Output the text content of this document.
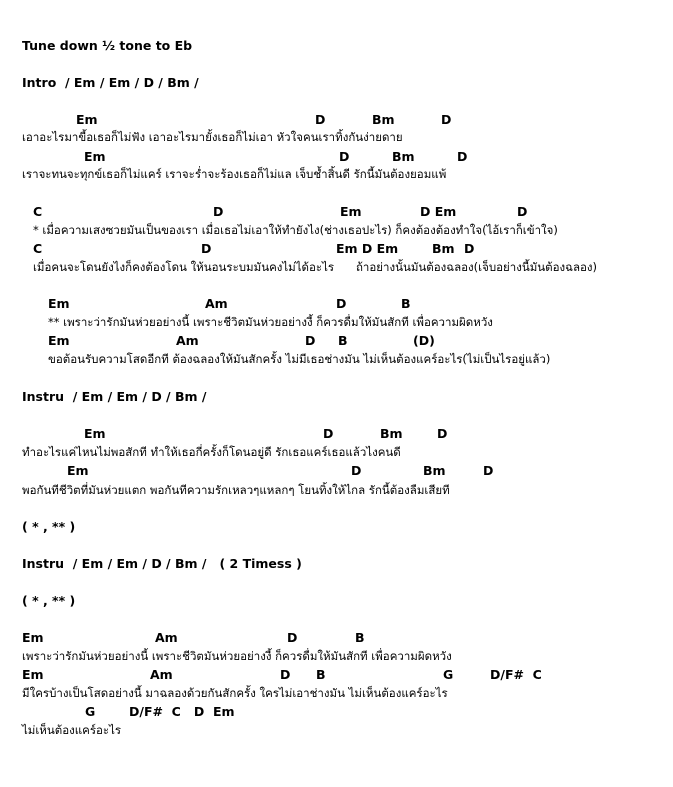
Tune down ½ tone to Eb
Intro  / Em / Em / D / Bm /
Em	D	Bm	D
เอาอะไรมาขี้อเธอก็ไม่ฟัง เอาอะไรมายั้งเธอก็ไม่เอา หัวใจคนเราทิ้งกันง่ายดาย
Em	D	Bm	D
เราจะทนจะทุกข์เธอก็ไม่แคร์ เราจะร่ำจะร้องเธอก็ไม่แล เจ็บช้ำสิ้นดี รักนี้มันต้องยอมแพ้
C	D	Em	D Em	D
* เมื่อความเสงซวยมันเป็นของเรา เมื่อเธอไม่เอาให้ทำยังไง(ช่างเธอปะไร) ก็คงต้องต้องทำใจ(ไอ้เราก็เข้าใจ)
C	D	Em D Em	Bm D
เมื่อคนจะโดนยังไงก็คงต้องโดน ให้นอนระบมมันคงไม่ได้อะไร      ถ้าอย่างนั้นมันต้องฉลอง(เจ็บอย่างนี้มันต้องฉลอง)
Em	Am	D	B
** เพราะว่ารักมันห่วยอย่างนี้ เพราะชีวิตมันห่วยอย่างงี้ ก็ควรดื่มให้มันสักที เพื่อความผิดหวัง
Em	Am	D B	(D)
ขอต้อนรับความโสดอีกที ต้องฉลองให้มันสักครั้ง ไม่มีเธอช่างมัน ไม่เห็นต้องแคร์อะไร(ไม่เป็นไรอยู่แล้ว)
Instru  / Em / Em / D / Bm /
Em	D	Bm	D
ทำอะไรแค่ไหนไม่พอสักที ทำให้เธอกี่ครั้งก็โดนอยู่ดี รักเธอแคร์เธอแล้วไงคนดี
Em	D	Bm	D
พอกันทีชีวิตที่มันห่วยแตก พอกันทีความรักเหลวๆแหลกๆ โยนทิ้งให้ไกล รักนี้ต้องลืมเสียที
( * , ** )
Instru  / Em / Em / D / Bm /   ( 2 Timess )
( * , ** )
Em	Am	D	B
เพราะว่ารักมันห่วยอย่างนี้ เพราะชีวิตมันห่วยอย่างงี้ ก็ควรดื่มให้มันสักที เพื่อความผิดหวัง
Em	Am	D B	G	D/F#  C
มีใครบ้างเป็นโสดอย่างนี้ มาฉลองด้วยกันสักครั้ง ใครไม่เอาช่างมัน ไม่เห็นต้องแคร์อะไร
G	D/F#  C   D  Em
ไม่เห็นต้องแคร์อะไร
